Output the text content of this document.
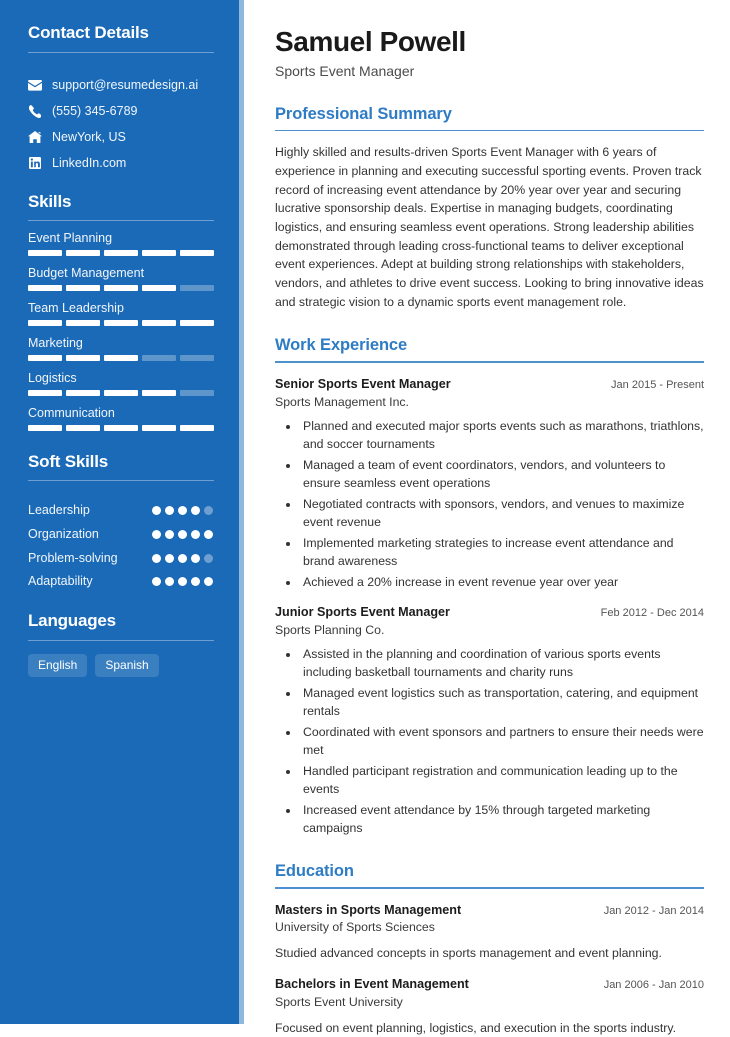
Contact Details
support@resumedesign.ai
(555) 345-6789
NewYork, US
LinkedIn.com
Skills
Event Planning
Budget Management
Team Leadership
Marketing
Logistics
Communication
Soft Skills
Leadership
Organization
Problem-solving
Adaptability
Languages
English	Spanish
Samuel Powell
Sports Event Manager
Professional Summary

Highly skilled and results-driven Sports Event Manager with 6 years of experience in planning and executing successful sporting events. Proven track record of increasing event attendance by 20% year over year and securing lucrative sponsorship deals. Expertise in managing budgets, coordinating logistics, and ensuring seamless event operations. Strong leadership abilities demonstrated through leading cross-functional teams to deliver exceptional event experiences. Adept at building strong relationships with stakeholders, vendors, and athletes to drive event success. Looking to bring innovative ideas and strategic vision to a dynamic sports event management role.

Work Experience
Senior Sports Event Manager	Jan 2015 - Present
Sports Management Inc.
• Planned and executed major sports events such as marathons, triathlons, and soccer tournaments
• Managed a team of event coordinators, vendors, and volunteers to ensure seamless event operations
• Negotiated contracts with sponsors, vendors, and venues to maximize event revenue
• Implemented marketing strategies to increase event attendance and brand awareness
• Achieved a 20% increase in event revenue year over year
Junior Sports Event Manager	Feb 2012 - Dec 2014
Sports Planning Co.
• Assisted in the planning and coordination of various sports events including basketball tournaments and charity runs
• Managed event logistics such as transportation, catering, and equipment rentals
• Coordinated with event sponsors and partners to ensure their needs were met
• Handled participant registration and communication leading up to the events
• Increased event attendance by 15% through targeted marketing campaigns
Education
Masters in Sports Management	Jan 2012 - Jan 2014
University of Sports Sciences
Studied advanced concepts in sports management and event planning.
Bachelors in Event Management	Jan 2006 - Jan 2010
Sports Event University
Focused on event planning, logistics, and execution in the sports industry.
